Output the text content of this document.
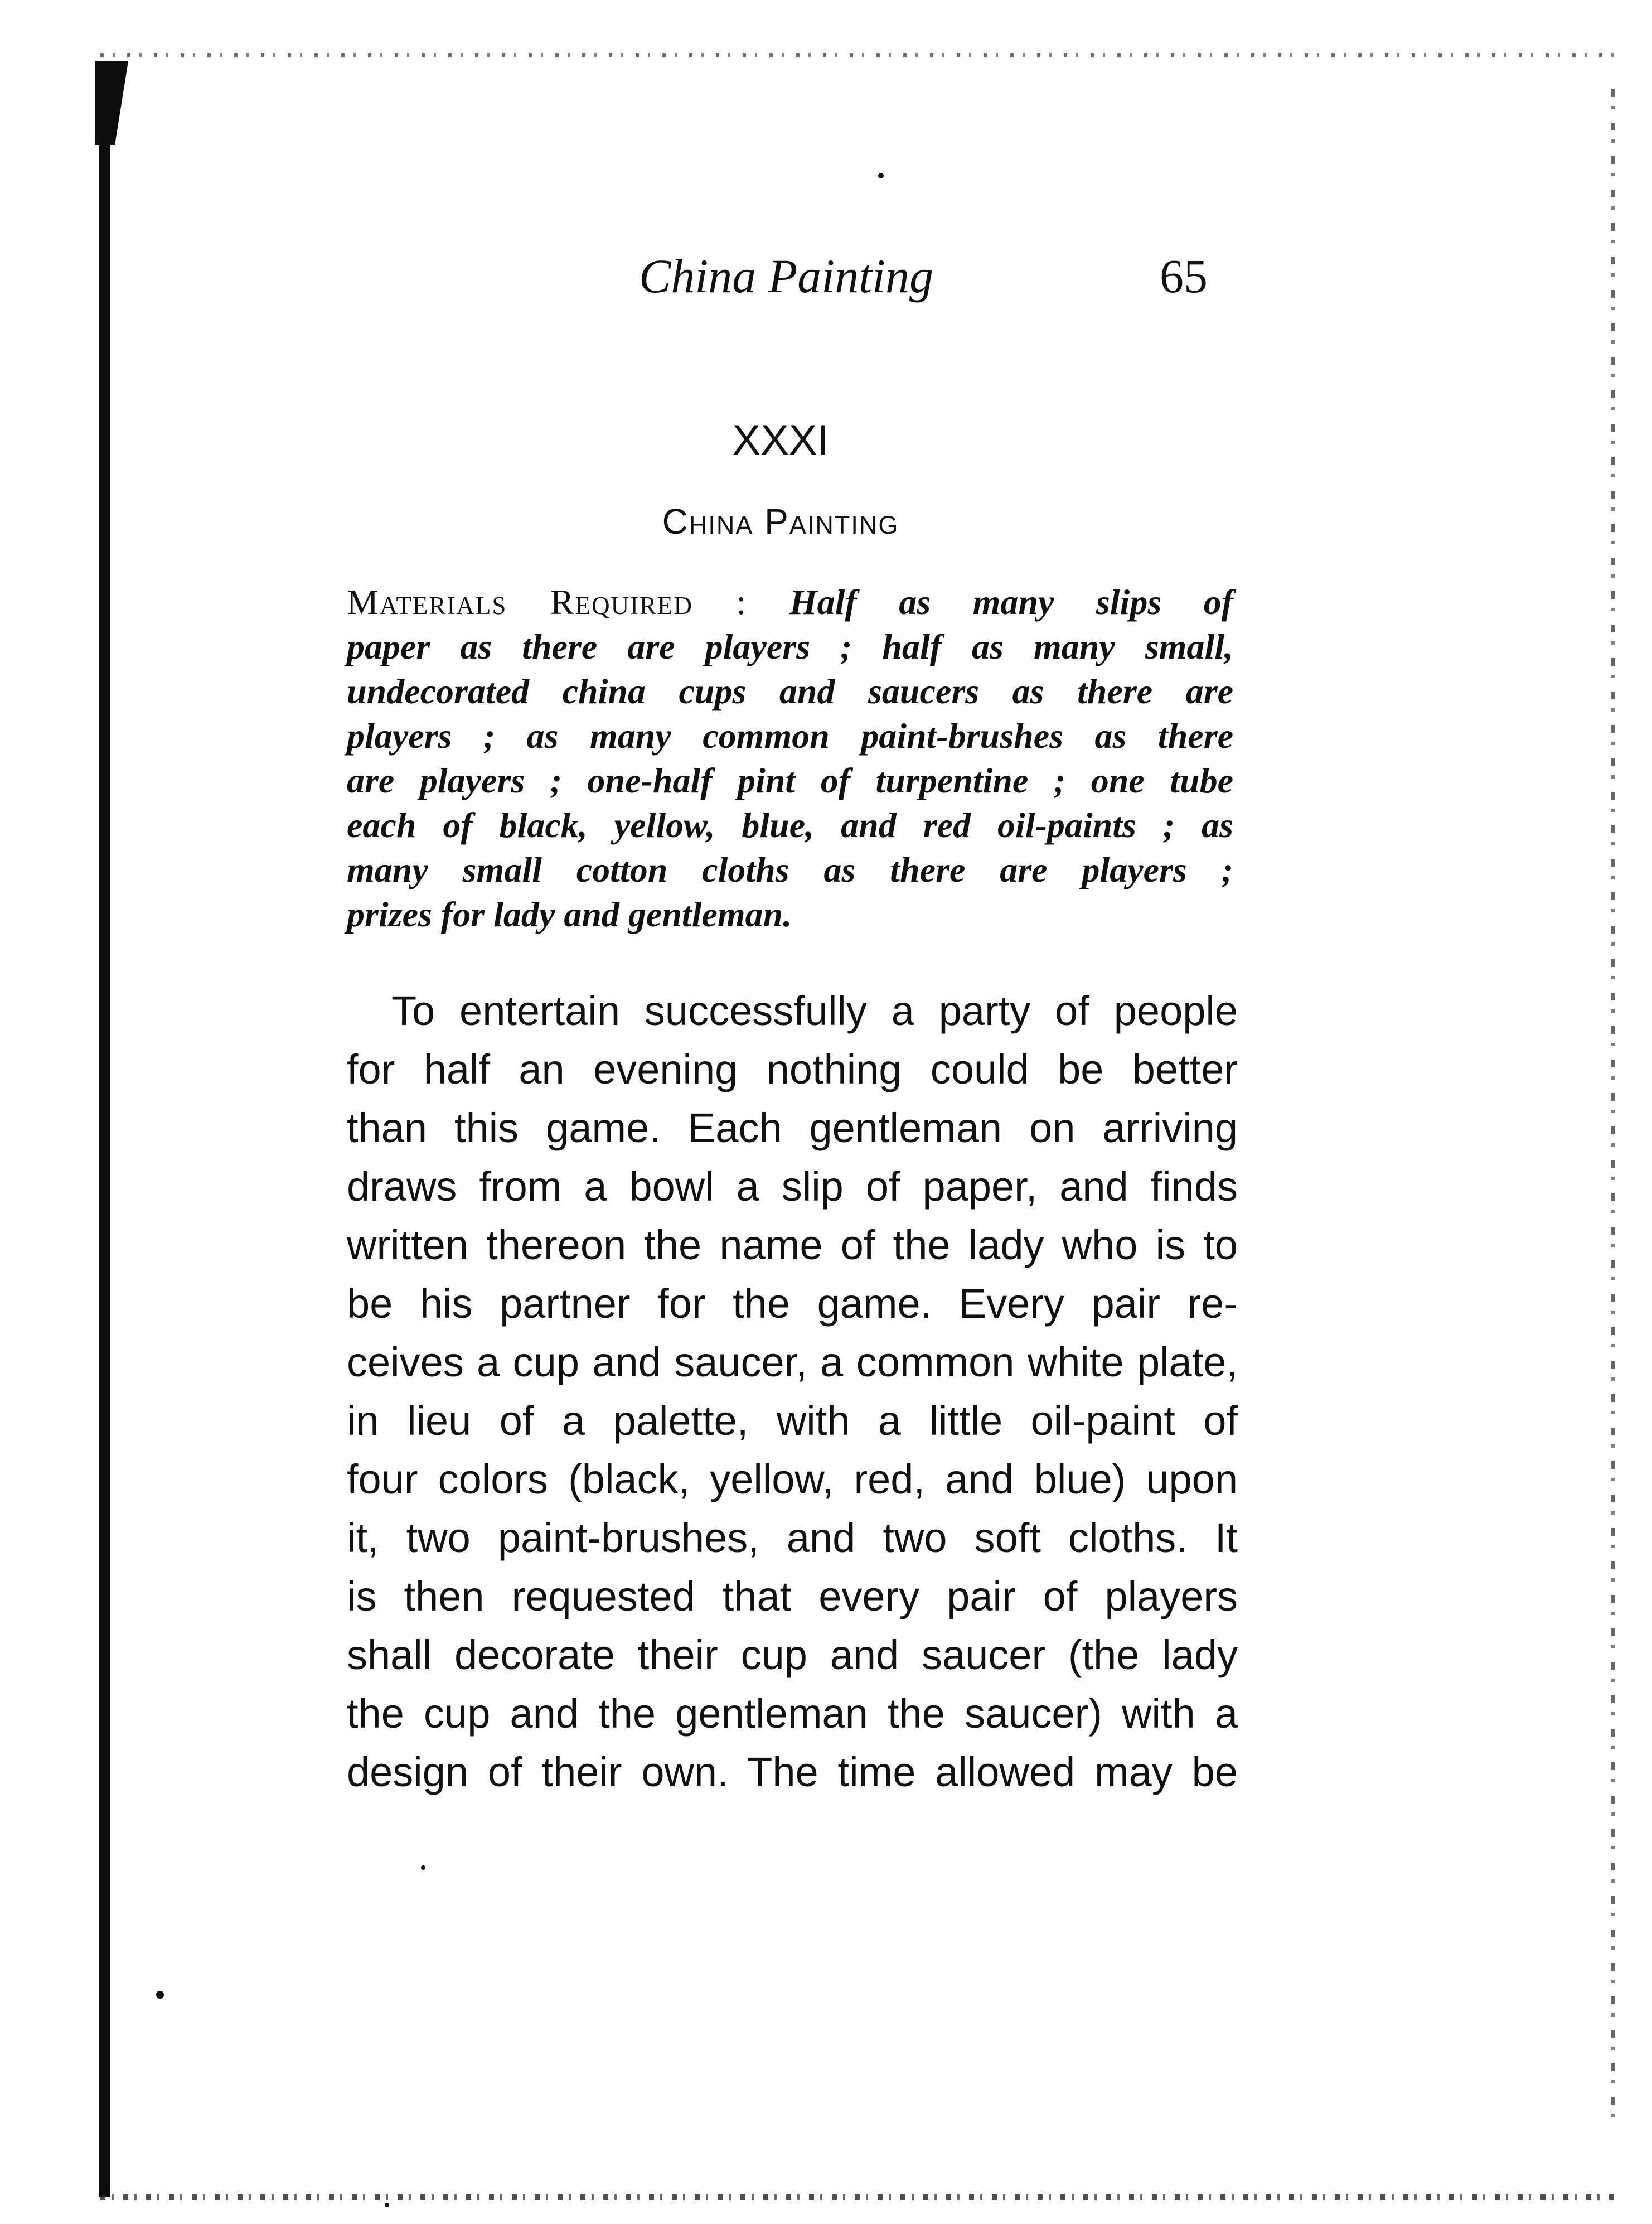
China Painting	65
XXXI
China Painting
Materials Required : Half as many slips of
paper as there are players ; half as many small,
undecorated china cups and saucers as there are
players ; as many common paint-brushes as there
are players ; one-half pint of turpentine ; one tube
each of black, yellow, blue, and red oil-paints ; as
many small cotton cloths as there are players ;
prizes for lady and gentleman.
To entertain successfully a party of people
for half an evening nothing could be better
than this game. Each gentleman on arriving
draws from a bowl a slip of paper, and finds
written thereon the name of the lady who is to
be his partner for the game. Every pair re-
ceives a cup and saucer, a common white plate,
in lieu of a palette, with a little oil-paint of
four colors (black, yellow, red, and blue) upon
it, two paint-brushes, and two soft cloths. It
is then requested that every pair of players
shall decorate their cup and saucer (the lady
the cup and the gentleman the saucer) with a
design of their own. The time allowed may be
